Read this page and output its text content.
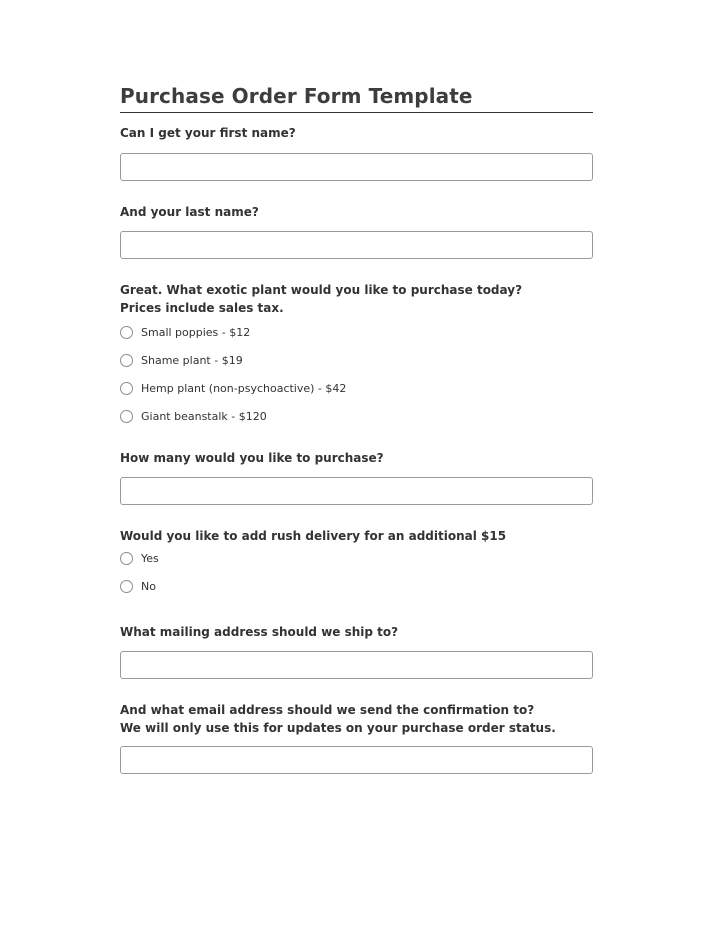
Purchase Order Form Template
Can I get your first name?
And your last name?
Great. What exotic plant would you like to purchase today?
Prices include sales tax.
Small poppies - $12
Shame plant - $19
Hemp plant (non-psychoactive) - $42
Giant beanstalk - $120
How many would you like to purchase?
Would you like to add rush delivery for an additional $15
Yes
No
What mailing address should we ship to?
And what email address should we send the confirmation to?
We will only use this for updates on your purchase order status.
